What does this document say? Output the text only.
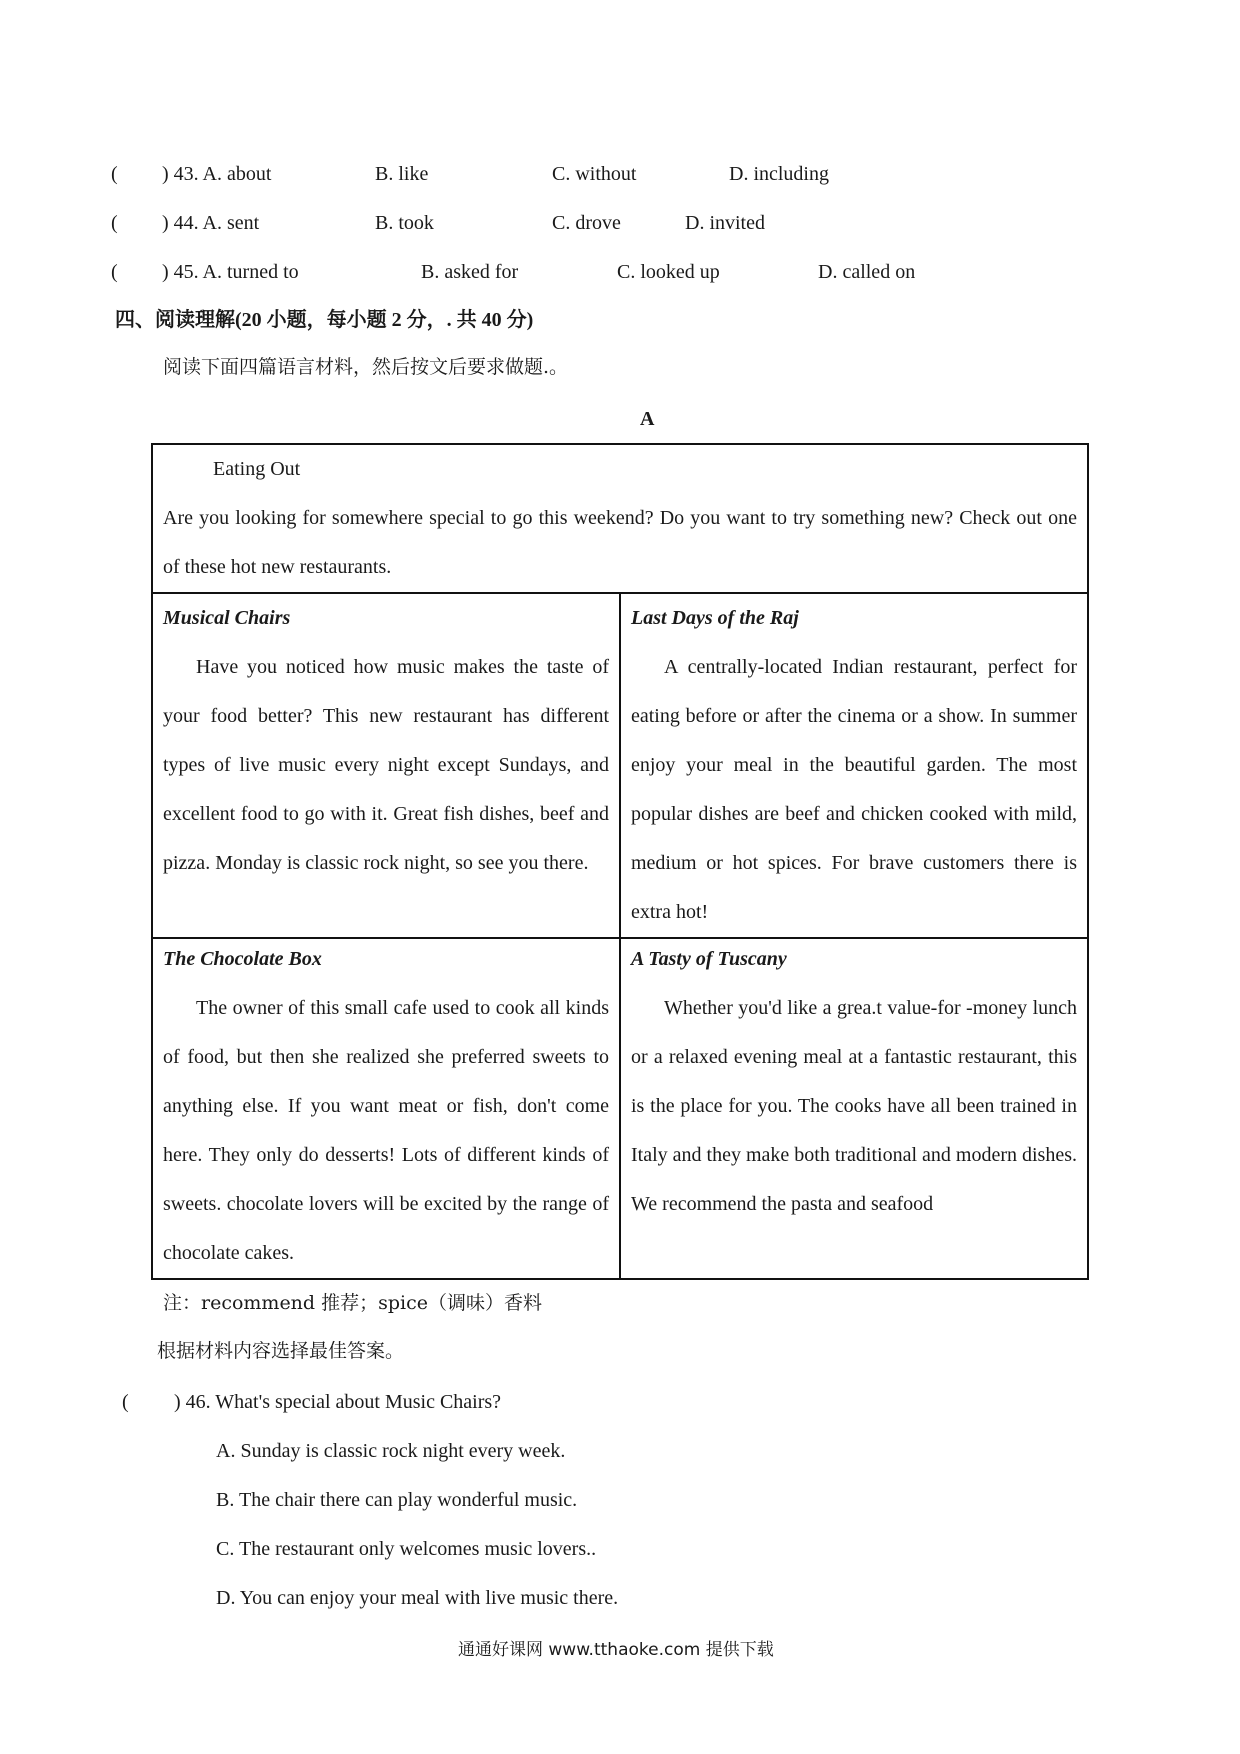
( ) 43. A. about	B. like	C. without	D. including
( ) 44. A. sent	B. took	C. drove	D. invited
( ) 45. A. turned to	B. asked for	C. looked up	D. called on
四、阅读理解(20 小题，每小题 2 分，. 共 40 分)
阅读下面四篇语言材料，然后按文后要求做题.。
A
Eating Out
Are you looking for somewhere special to go this weekend? Do you want to try something new? Check out one of these hot new restaurants.

Musical Chairs
Have you noticed how music makes the taste of your food better? This new restaurant has different types of live music every night except Sundays, and excellent food to go with it. Great fish dishes, beef and pizza. Monday is classic rock night, so see you there.

Last Days of the Raj
A centrally-located Indian restaurant, perfect for eating before or after the cinema or a show. In summer enjoy your meal in the beautiful garden. The most popular dishes are beef and chicken cooked with mild, medium or hot spices. For brave customers there is extra hot!
The Chocolate Box
The owner of this small cafe used to cook all kinds of food, but then she realized she preferred sweets to anything else. If you want meat or fish, don't come here. They only do desserts! Lots of different kinds of sweets. chocolate lovers will be excited by the range of chocolate cakes.

A Tasty of Tuscany
Whether you'd like a grea.t value-for -money lunch or a relaxed evening meal at a fantastic restaurant, this is the place for you. The cooks have all been trained in Italy and they make both traditional and modern dishes. We recommend the pasta and seafood
注：recommend 推荐；spice（调味）香料
根据材料内容选择最佳答案。
( ) 46. What's special about Music Chairs?
A. Sunday is classic rock night every week.
B. The chair there can play wonderful music.
C. The restaurant only welcomes music lovers..
D. You can enjoy your meal with live music there.
通通好课网 www.tthaoke.com 提供下载
